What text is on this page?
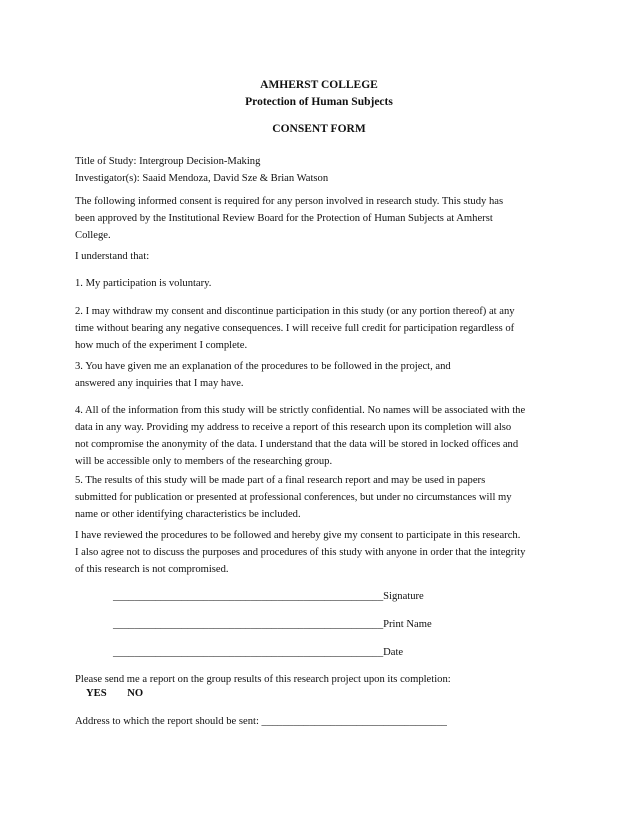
AMHERST COLLEGE
Protection of Human Subjects
CONSENT FORM
Title of Study: Intergroup Decision-Making
Investigator(s): Saaid Mendoza, David Sze & Brian Watson
The following informed consent is required for any person involved in research study. This study has
been approved by the Institutional Review Board for the Protection of Human Subjects at Amherst
College.
I understand that:
1. My participation is voluntary.
2. I may withdraw my consent and discontinue participation in this study (or any portion thereof) at any
time without bearing any negative consequences. I will receive full credit for participation regardless of
how much of the experiment I complete.
3. You have given me an explanation of the procedures to be followed in the project, and
answered any inquiries that I may have.
4. All of the information from this study will be strictly confidential. No names will be associated with the
data in any way. Providing my address to receive a report of this research upon its completion will also
not compromise the anonymity of the data. I understand that the data will be stored in locked offices and
will be accessible only to members of the researching group.
5. The results of this study will be made part of a final research report and may be used in papers
submitted for publication or presented at professional conferences, but under no circumstances will my
name or other identifying characteristics be included.
I have reviewed the procedures to be followed and hereby give my consent to participate in this research.
I also agree not to discuss the purposes and procedures of this study with anyone in order that the integrity
of this research is not compromised.
___________________________________________________Signature
___________________________________________________Print Name
___________________________________________________Date
Please send me a report on the group results of this research project upon its completion:
YES NO
Address to which the report should be sent: ___________________________________
